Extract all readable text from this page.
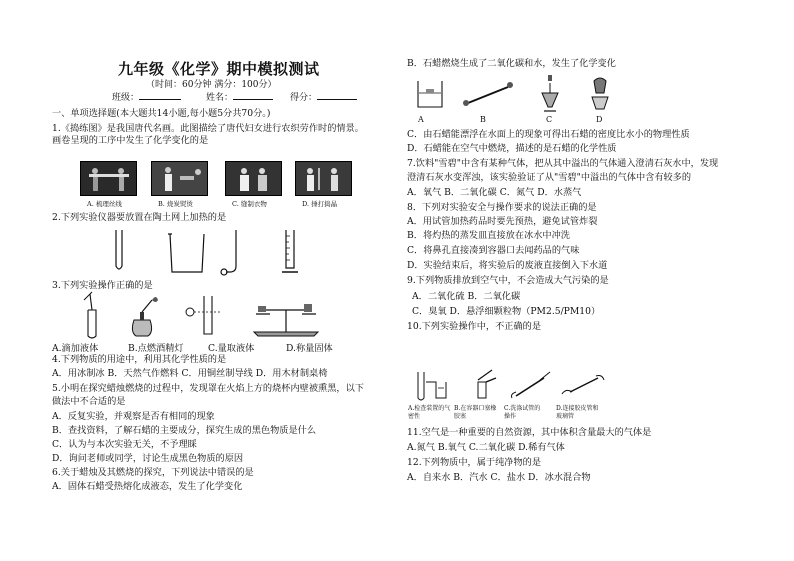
九年级《化学》期中模拟测试
（时间：60分钟 满分：100分）
班级：	姓名：	得分：
一、单项选择题(本大题共14小题,每小题5分共70分。)
1.《捣练图》是我国唐代名画。此图描绘了唐代妇女进行农织劳作时的情景。
画卷呈现的工序中发生了化学变化的是
A. 梳理丝线	B. 烧炭熨烫	C. 缝制衣物	D. 捶打捣晶
2.下列实验仪器要放置在陶土网上加热的是
3.下列实验操作正确的是
A.滴加液体	B.点燃酒精灯	C.量取液体	D.称量固体
4.下列物质的用途中，利用其化学性质的是
A．用冰制冰 B．天然气作燃料 C．用铜丝制导线 D．用木材制桌椅
5.小明在探究蜡烛燃烧的过程中，发现罩在火焰上方的烧杯内壁被熏黑，以下
做法中不合适的是
A．反复实验，并观察是否有相同的现象
B．查找资料，了解石蜡的主要成分，探究生成的黑色物质是什么
C．认为与本次实验无关，不予理睬
D．询问老师或同学，讨论生成黑色物质的原因
6.关于蜡烛及其燃烧的探究，下列说法中错误的是
A．固体石蜡受热熔化成液态，发生了化学变化
B．石蜡燃烧生成了二氧化碳和水，发生了化学变化
A	B	C	D
C．由石蜡能漂浮在水面上的现象可得出石蜡的密度比水小的物理性质
D．石蜡能在空气中燃烧，描述的是石蜡的化学性质
7.饮料"雪碧"中含有某种气体，把从其中溢出的气体通入澄清石灰水中，发现
澄清石灰水变浑浊，该实验验证了从"雪碧"中溢出的气体中含有较多的
A．氧气 B．二氧化碳 C．氮气 D．水蒸气
8．下列对实验安全与操作要求的说法正确的是
A．用试管加热药品时要先预热，避免试管炸裂
B．将灼热的蒸发皿直接放在冰水中冲洗
C．将鼻孔直接凑到容器口去闻药品的气味
D．实验结束后，将实验后的废液直接倒入下水道
9.下列物质排放到空气中，不会造成大气污染的是
A．二氧化硫 B．二氧化碳
C．臭氧 D．悬浮细颗粒物（PM2.5/PM10）
10.下列实验操作中，不正确的是
A.检查装置的气密性
B.在容器口塞橡胶塞
C.洗涤试管的操作
D.连接胶皮管和玻璃管
11.空气是一种重要的自然资源，其中体积含量最大的气体是
A.氮气 B.氧气 C.二氧化碳 D.稀有气体
12.下列物质中，属于纯净物的是
A．自来水 B．汽水 C．盐水 D．冰水混合物
